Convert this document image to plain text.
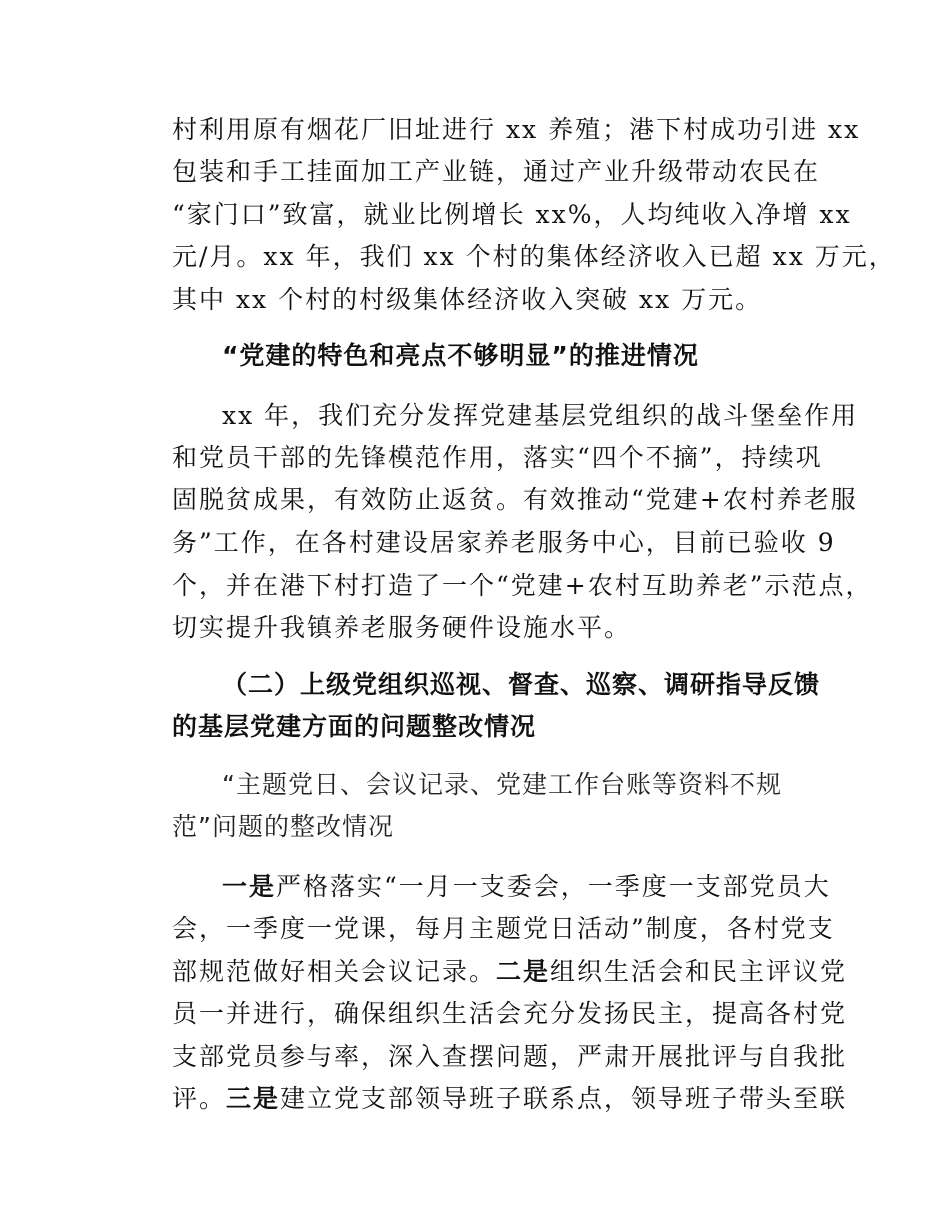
村利用原有烟花厂旧址进行 xx 养殖；港下村成功引进 xx
包装和手工挂面加工产业链，通过产业升级带动农民在
“家门口”致富，就业比例增长 xx%，人均纯收入净增 xx
元/月。xx 年，我们 xx 个村的集体经济收入已超 xx 万元，
其中 xx 个村的村级集体经济收入突破 xx 万元。
“党建的特色和亮点不够明显”的推进情况
xx 年，我们充分发挥党建基层党组织的战斗堡垒作用
和党员干部的先锋模范作用，落实“四个不摘”，持续巩
固脱贫成果，有效防止返贫。有效推动“党建+农村养老服
务”工作，在各村建设居家养老服务中心，目前已验收 9
个，并在港下村打造了一个“党建+农村互助养老”示范点，
切实提升我镇养老服务硬件设施水平。
（二）上级党组织巡视、督查、巡察、调研指导反馈
的基层党建方面的问题整改情况
“主题党日、会议记录、党建工作台账等资料不规
范”问题的整改情况
一是严格落实“一月一支委会，一季度一支部党员大
会，一季度一党课，每月主题党日活动”制度，各村党支
部规范做好相关会议记录。二是组织生活会和民主评议党
员一并进行，确保组织生活会充分发扬民主，提高各村党
支部党员参与率，深入查摆问题，严肃开展批评与自我批
评。三是建立党支部领导班子联系点，领导班子带头至联
